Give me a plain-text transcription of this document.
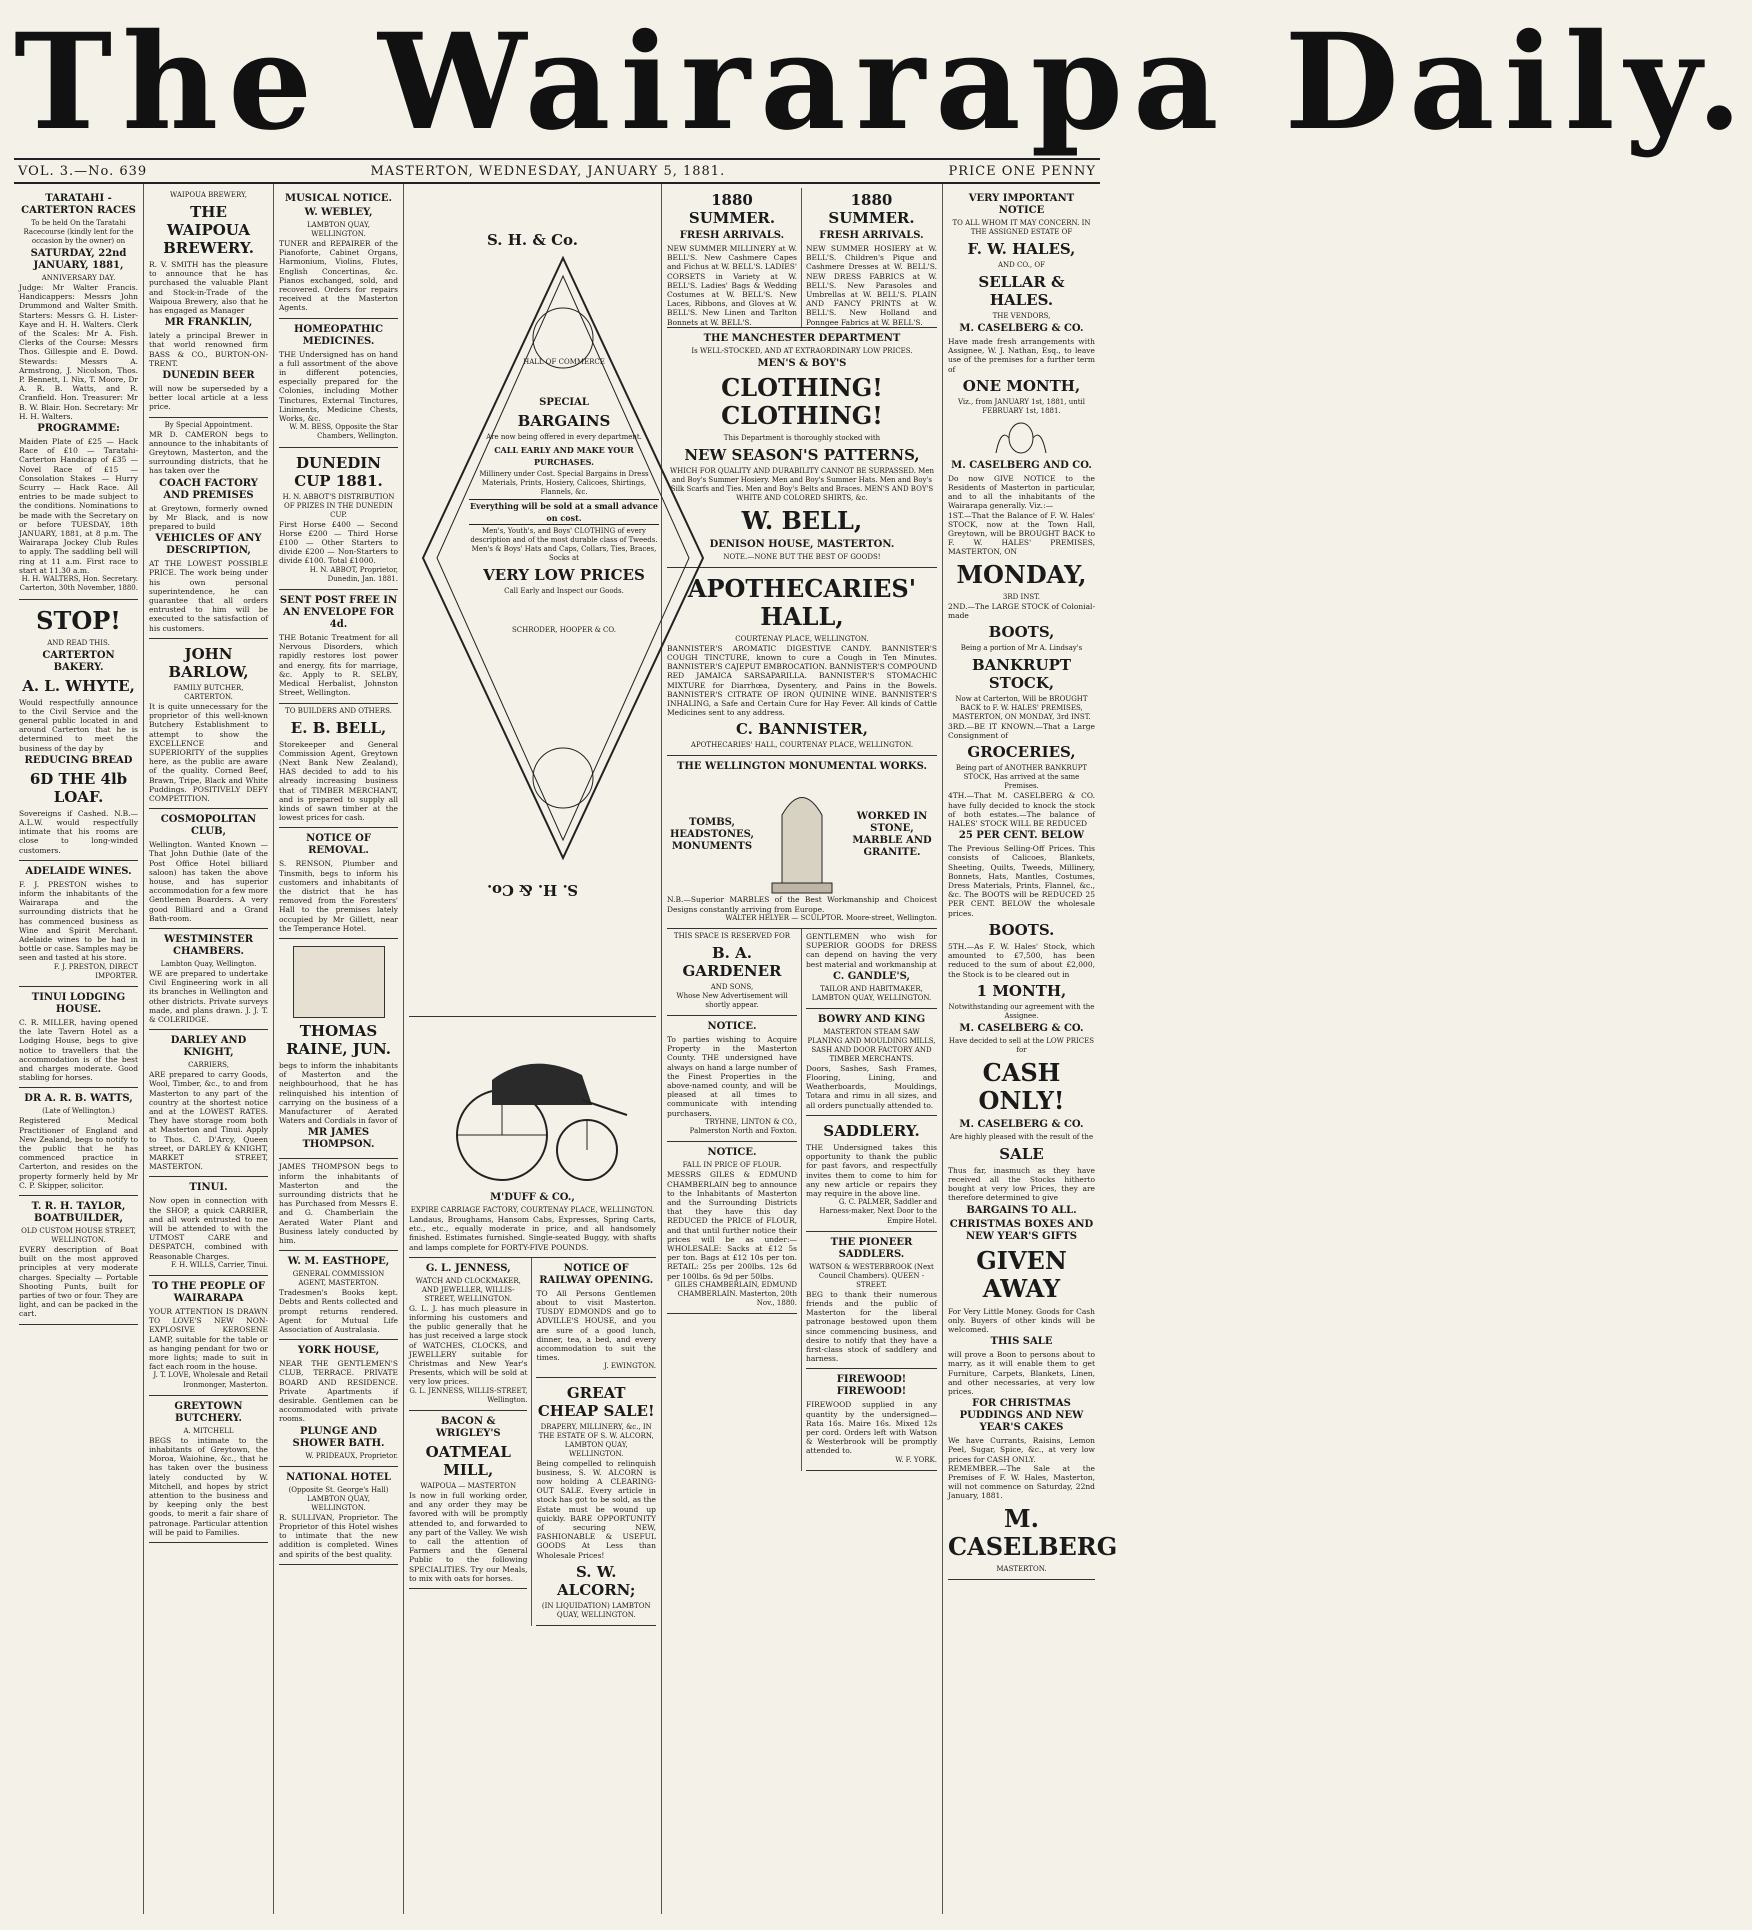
The Wairarapa Daily.
VOL. 3.—No. 639	MASTERTON, WEDNESDAY, JANUARY 5, 1881.	PRICE ONE PENNY
TARATAHI - CARTERTON RACES
To be held On the Taratahi Racecourse (kindly lent for the occasion by the owner) on
SATURDAY, 22nd JANUARY, 1881,
ANNIVERSARY DAY.
Judge: Mr Walter Francis. Handicappers: Messrs John Drummond and Walter Smith. Starters: Messrs G. H. Lister-Kaye and H. H. Walters. Clerk of the Scales: Mr A. Fish. Clerks of the Course: Messrs Thos. Gillespie and E. Dowd. Stewards: Messrs A. Armstrong, J. Nicolson, Thos. P. Bennett, I. Nix, T. Moore, Dr A. R. B. Watts, and R. Cranfield. Hon. Treasurer: Mr B. W. Blair. Hon. Secretary: Mr H. H. Walters.
PROGRAMME:
Maiden Plate of £25 — Hack Race of £10 — Taratahi-Carterton Handicap of £35 — Novel Race of £15 — Consolation Stakes — Hurry Scurry — Hack Race. All entries to be made subject to the conditions. Nominations to be made with the Secretary on or before TUESDAY, 18th JANUARY, 1881, at 8 p.m. The Wairarapa Jockey Club Rules to apply. The saddling bell will ring at 11 a.m. First race to start at 11.30 a.m.
H. H. WALTERS, Hon. Secretary. Carterton, 30th November, 1880.
STOP!
AND READ THIS.
CARTERTON BAKERY.
A. L. WHYTE,
Would respectfully announce to the Civil Service and the general public located in and around Carterton that he is determined to meet the business of the day by
REDUCING BREAD
6D THE 4lb LOAF.
Sovereigns if Cashed. N.B.—A.L.W. would respectfully intimate that his rooms are close to long-winded customers.
ADELAIDE WINES.
F. J. PRESTON wishes to inform the inhabitants of the Wairarapa and the surrounding districts that he has commenced business as Wine and Spirit Merchant. Adelaide wines to be had in bottle or case. Samples may be seen and tasted at his store.
F. J. PRESTON, DIRECT IMPORTER.
TINUI LODGING HOUSE.
C. R. MILLER, having opened the late Tavern Hotel as a Lodging House, begs to give notice to travellers that the accommodation is of the best and charges moderate. Good stabling for horses.
DR A. R. B. WATTS,
(Late of Wellington.)
Registered Medical Practitioner of England and New Zealand, begs to notify to the public that he has commenced practice in Carterton, and resides on the property formerly held by Mr C. P. Skipper, solicitor.
T. R. H. TAYLOR, BOATBUILDER,
OLD CUSTOM HOUSE STREET, WELLINGTON.
EVERY description of Boat built on the most approved principles at very moderate charges. Specialty — Portable Shooting Punts, built for parties of two or four. They are light, and can be packed in the cart.
WAIPOUA BREWERY,
THE WAIPOUA BREWERY.
R. V. SMITH has the pleasure to announce that he has purchased the valuable Plant and Stock-in-Trade of the Waipoua Brewery, also that he has engaged as Manager
MR FRANKLIN,
lately a principal Brewer in that world renowned firm BASS & CO., BURTON-ON-TRENT.
DUNEDIN BEER
will now be superseded by a better local article at a less price.
By Special Appointment.
MR D. CAMERON begs to announce to the inhabitants of Greytown, Masterton, and the surrounding districts, that he has taken over the
COACH FACTORY AND PREMISES
at Greytown, formerly owned by Mr Black, and is now prepared to build
VEHICLES OF ANY DESCRIPTION,
AT THE LOWEST POSSIBLE PRICE. The work being under his own personal superintendence, he can guarantee that all orders entrusted to him will be executed to the satisfaction of his customers.
JOHN BARLOW,
FAMILY BUTCHER, CARTERTON.
It is quite unnecessary for the proprietor of this well-known Butchery Establishment to attempt to show the EXCELLENCE and SUPERIORITY of the supplies here, as the public are aware of the quality. Corned Beef, Brawn, Tripe, Black and White Puddings. POSITIVELY DEFY COMPETITION.
COSMOPOLITAN CLUB,
Wellington. Wanted Known — That John Duthie (late of the Post Office Hotel billiard saloon) has taken the above house, and has superior accommodation for a few more Gentlemen Boarders. A very good Billiard and a Grand Bath-room.
WESTMINSTER CHAMBERS.
Lambton Quay, Wellington.
WE are prepared to undertake Civil Engineering work in all its branches in Wellington and other districts. Private surveys made, and plans drawn. J. J. T. & COLERIDGE.
DARLEY AND KNIGHT,
CARRIERS,
ARE prepared to carry Goods, Wool, Timber, &c., to and from Masterton to any part of the country at the shortest notice and at the LOWEST RATES. They have storage room both at Masterton and Tinui. Apply to Thos. C. D'Arcy, Queen street, or DARLEY & KNIGHT, MARKET STREET, MASTERTON.
TINUI.
Now open in connection with the SHOP, a quick CARRIER, and all work entrusted to me will be attended to with the UTMOST CARE and DESPATCH, combined with Reasonable Charges.
F. H. WILLS, Carrier, Tinui.
TO THE PEOPLE OF WAIRARAPA
YOUR ATTENTION IS DRAWN TO LOVE'S NEW NON-EXPLOSIVE KEROSENE LAMP, suitable for the table or as hanging pendant for two or more lights; made to suit in fact each room in the house.
J. T. LOVE, Wholesale and Retail Ironmonger, Masterton.
GREYTOWN BUTCHERY.
A. MITCHELL
BEGS to intimate to the inhabitants of Greytown, the Moroa, Waiohine, &c., that he has taken over the business lately conducted by W. Mitchell, and hopes by strict attention to the business and by keeping only the best goods, to merit a fair share of patronage. Particular attention will be paid to Families.
MUSICAL NOTICE.
W. WEBLEY,
LAMBTON QUAY, WELLINGTON.
TUNER and REPAIRER of the Pianoforte, Cabinet Organs, Harmonium, Violins, Flutes, English Concertinas, &c. Pianos exchanged, sold, and recovered. Orders for repairs received at the Masterton Agents.
HOMEOPATHIC MEDICINES.
THE Undersigned has on hand a full assortment of the above in different potencies, especially prepared for the Colonies, including Mother Tinctures, External Tinctures, Liniments, Medicine Chests, Works, &c.
W. M. BESS, Opposite the Star Chambers, Wellington.
DUNEDIN CUP 1881.
H. N. ABBOT'S DISTRIBUTION OF PRIZES IN THE DUNEDIN CUP.
First Horse £400 — Second Horse £200 — Third Horse £100 — Other Starters to divide £200 — Non-Starters to divide £100. Total £1000.
H. N. ABBOT, Proprietor, Dunedin, Jan. 1881.
SENT POST FREE IN AN ENVELOPE FOR 4d.
THE Botanic Treatment for all Nervous Disorders, which rapidly restores lost power and energy, fits for marriage, &c. Apply to R. SELBY, Medical Herbalist, Johnston Street, Wellington.
TO BUILDERS AND OTHERS.
E. B. BELL,
Storekeeper and General Commission Agent, Greytown (Next Bank New Zealand), HAS decided to add to his already increasing business that of TIMBER MERCHANT, and is prepared to supply all kinds of sawn timber at the lowest prices for cash.
NOTICE OF REMOVAL.
S. RENSON, Plumber and Tinsmith, begs to inform his customers and inhabitants of the district that he has removed from the Foresters' Hall to the premises lately occupied by Mr Gillett, near the Temperance Hotel.
THOMAS RAINE, JUN.
begs to inform the inhabitants of Masterton and the neighbourhood, that he has relinquished his intention of carrying on the business of a Manufacturer of Aerated Waters and Cordials in favor of
MR JAMES THOMPSON.
JAMES THOMPSON begs to inform the inhabitants of Masterton and the surrounding districts that he has Purchased from Messrs E. and G. Chamberlain the Aerated Water Plant and Business lately conducted by him.
W. M. EASTHOPE,
GENERAL COMMISSION AGENT, MASTERTON.
Tradesmen's Books kept. Debts and Rents collected and prompt returns rendered. Agent for Mutual Life Association of Australasia.
YORK HOUSE,
NEAR THE GENTLEMEN'S CLUB, TERRACE. PRIVATE BOARD AND RESIDENCE. Private Apartments if desirable. Gentlemen can be accommodated with private rooms.
PLUNGE AND SHOWER BATH.
W. PRIDEAUX, Proprietor.
NATIONAL HOTEL
(Opposite St. George's Hall) LAMBTON QUAY, WELLINGTON.
R. SULLIVAN, Proprietor. The Proprietor of this Hotel wishes to intimate that the new addition is completed. Wines and spirits of the best quality.
S. H. & Co.
HALL OF COMMERCE
SPECIAL
BARGAINS
Are now being offered in every department.
CALL EARLY AND MAKE YOUR PURCHASES.
Millinery under Cost. Special Bargains in Dress Materials, Prints, Hosiery, Calicoes, Shirtings, Flannels, &c.
Everything will be sold at a small advance on cost.
Men's, Youth's, and Boys' CLOTHING of every description and of the most durable class of Tweeds.
Men's & Boys' Hats and Caps, Collars, Ties, Braces, Socks at
VERY LOW PRICES
Call Early and Inspect our Goods.
SCHRODER, HOOPER & CO.
S. H. & Co.
M'DUFF & CO.,
EXPIRE CARRIAGE FACTORY, COURTENAY PLACE, WELLINGTON.
Landaus, Broughams, Hansom Cabs, Expresses, Spring Carts, etc., etc., equally moderate in price, and all handsomely finished. Estimates furnished. Single-seated Buggy, with shafts and lamps complete for FORTY-FIVE POUNDS.
G. L. JENNESS,
WATCH AND CLOCKMAKER, AND JEWELLER, WILLIS-STREET, WELLINGTON.
G. L. J. has much pleasure in informing his customers and the public generally that he has just received a large stock of WATCHES, CLOCKS, and JEWELLERY suitable for Christmas and New Year's Presents, which will be sold at very low prices.
G. L. JENNESS, WILLIS-STREET, Wellington.
BACON & WRIGLEY'S
OATMEAL MILL,
WAIPOUA — MASTERTON
Is now in full working order, and any order they may be favored with will be promptly attended to, and forwarded to any part of the Valley. We wish to call the attention of Farmers and the General Public to the following SPECIALITIES. Try our Meals, to mix with oats for horses.
NOTICE OF RAILWAY OPENING.
TO All Persons Gentlemen about to visit Masterton. TUSDY EDMONDS and go to ADVILLE'S HOUSE, and you are sure of a good lunch, dinner, tea, a bed, and every accommodation to suit the times.
J. EWINGTON.
GREAT CHEAP SALE!
DRAPERY, MILLINERY, &c., IN THE ESTATE OF S. W. ALCORN, LAMBTON QUAY, WELLINGTON.
Being compelled to relinquish business, S. W. ALCORN is now holding A CLEARING-OUT SALE. Every article in stock has got to be sold, as the Estate must be wound up quickly. BARE OPPORTUNITY of securing NEW, FASHIONABLE & USEFUL GOODS At Less than Wholesale Prices!
S. W. ALCORN;
(IN LIQUIDATION) LAMBTON QUAY, WELLINGTON.
1880 SUMMER.
FRESH ARRIVALS.
NEW SUMMER MILLINERY at W. BELL'S. New Cashmere Capes and Fichus at W. BELL'S. LADIES' CORSETS in Variety at W. BELL'S. Ladies' Bags & Wedding Costumes at W. BELL'S. New Laces, Ribbons, and Gloves at W. BELL'S. New Linen and Tarlton Bonnets at W. BELL'S.
1880 SUMMER.
FRESH ARRIVALS.
NEW SUMMER HOSIERY at W. BELL'S. Children's Pique and Cashmere Dresses at W. BELL'S. NEW DRESS FABRICS at W. BELL'S. New Parasoles and Umbrellas at W. BELL'S. PLAIN AND FANCY PRINTS at W. BELL'S. New Holland and Ponngee Fabrics at W. BELL'S.
THE MANCHESTER DEPARTMENT
Is WELL-STOCKED, AND AT EXTRAORDINARY LOW PRICES.
MEN'S & BOY'S
CLOTHING! CLOTHING!
This Department is thoroughly stocked with
NEW SEASON'S PATTERNS,
WHICH FOR QUALITY AND DURABILITY CANNOT BE SURPASSED. Men and Boy's Summer Hosiery. Men and Boy's Summer Hats. Men and Boy's Silk Scarfs and Ties. Men and Boy's Belts and Braces. MEN'S AND BOY'S WHITE AND COLORED SHIRTS, &c.
W. BELL,
DENISON HOUSE, MASTERTON.
NOTE.—NONE BUT THE BEST OF GOODS!
APOTHECARIES' HALL,
COURTENAY PLACE, WELLINGTON.
BANNISTER'S AROMATIC DIGESTIVE CANDY. BANNISTER'S COUGH TINCTURE, known to cure a Cough in Ten Minutes. BANNISTER'S CAJEPUT EMBROCATION. BANNISTER'S COMPOUND RED JAMAICA SARSAPARILLA. BANNISTER'S STOMACHIC MIXTURE for Diarrhœa, Dysentery, and Pains in the Bowels. BANNISTER'S CITRATE OF IRON QUININE WINE. BANNISTER'S INHALING, a Safe and Certain Cure for Hay Fever. All kinds of Cattle Medicines sent to any address.
C. BANNISTER,
APOTHECARIES' HALL, COURTENAY PLACE, WELLINGTON.
THE WELLINGTON MONUMENTAL WORKS.
TOMBS, HEADSTONES, MONUMENTS
WORKED IN STONE, MARBLE AND GRANITE.
N.B.—Superior MARBLES of the Best Workmanship and Choicest Designs constantly arriving from Europe.
WALTER HELYER — SCULPTOR. Moore-street, Wellington.
THIS SPACE IS RESERVED FOR
B. A. GARDENER
AND SONS,
Whose New Advertisement will shortly appear.
NOTICE.
To parties wishing to Acquire Property in the Masterton County. THE undersigned have always on hand a large number of the Finest Properties in the above-named county, and will be pleased at all times to communicate with intending purchasers.
TRYHNE, LINTON & CO., Palmerston North and Foxton.
NOTICE.
FALL IN PRICE OF FLOUR.
MESSRS GILES & EDMUND CHAMBERLAIN beg to announce to the Inhabitants of Masterton and the Surrounding Districts that they have this day REDUCED the PRICE of FLOUR, and that until further notice their prices will be as under:— WHOLESALE: Sacks at £12 5s per ton. Bags at £12 10s per ton. RETAIL: 25s per 200lbs. 12s 6d per 100lbs. 6s 9d per 50lbs.
GILES CHAMBERLAIN, EDMUND CHAMBERLAIN. Masterton, 20th Nov., 1880.
GENTLEMEN who wish for SUPERIOR GOODS for DRESS can depend on having the very best material and workmanship at
C. GANDLE'S,
TAILOR AND HABITMAKER, LAMBTON QUAY, WELLINGTON.
BOWRY AND KING
MASTERTON STEAM SAW PLANING AND MOULDING MILLS, SASH AND DOOR FACTORY AND TIMBER MERCHANTS.
Doors, Sashes, Sash Frames, Flooring, Lining, and Weatherboards, Mouldings, Totara and rimu in all sizes, and all orders punctually attended to.
SADDLERY.
THE Undersigned takes this opportunity to thank the public for past favors, and respectfully invites them to come to him for any new article or repairs they may require in the above line.
G. C. PALMER, Saddler and Harness-maker, Next Door to the Empire Hotel.
THE PIONEER SADDLERS.
WATSON & WESTERBROOK (Next Council Chambers). QUEEN - STREET.
BEG to thank their numerous friends and the public of Masterton for the liberal patronage bestowed upon them since commencing business, and desire to notify that they have a first-class stock of saddlery and harness.
FIREWOOD! FIREWOOD!
FIREWOOD supplied in any quantity by the undersigned— Rata 16s. Maire 16s. Mixed 12s per cord. Orders left with Watson & Westerbrook will be promptly attended to.
W. F. YORK.
VERY IMPORTANT NOTICE
TO ALL WHOM IT MAY CONCERN. IN THE ASSIGNED ESTATE OF
F. W. HALES,
AND CO., OF
SELLAR & HALES.
THE VENDORS,
M. CASELBERG & CO.
Have made fresh arrangements with Assignee, W. J. Nathan, Esq., to leave use of the premises for a further term of
ONE MONTH,
Viz., from JANUARY 1st, 1881, until FEBRUARY 1st, 1881.
M. CASELBERG AND CO.
Do now GIVE NOTICE to the Residents of Masterton in particular, and to all the inhabitants of the Wairarapa generally. Viz.:—
1ST.—That the Balance of F. W. Hales' STOCK, now at the Town Hall, Greytown, will be BROUGHT BACK to F. W. HALES' PREMISES, MASTERTON, ON
MONDAY,
3RD INST.
2ND.—The LARGE STOCK of Colonial-made
BOOTS,
Being a portion of Mr A. Lindsay's
BANKRUPT STOCK,
Now at Carterton, Will be BROUGHT BACK to F. W. HALES' PREMISES, MASTERTON, ON MONDAY, 3rd INST.
3RD.—BE IT KNOWN.—That a Large Consignment of
GROCERIES,
Being part of ANOTHER BANKRUPT STOCK, Has arrived at the same Premises.
4TH.—That M. CASELBERG & CO. have fully decided to knock the stock of both estates.—The balance of HALES' STOCK WILL BE REDUCED
25 PER CENT. BELOW
The Previous Selling-Off Prices. This consists of Calicoes, Blankets, Sheeting, Quilts, Tweeds, Millinery, Bonnets, Hats, Mantles, Costumes, Dress Materials, Prints, Flannel, &c., &c. The BOOTS will be REDUCED 25 PER CENT. BELOW the wholesale prices.
BOOTS.
5TH.—As F. W. Hales' Stock, which amounted to £7,500, has been reduced to the sum of about £2,000, the Stock is to be cleared out in
1 MONTH,
Notwithstanding our agreement with the Assignee.
M. CASELBERG & CO.
Have decided to sell at the LOW PRICES for
CASH ONLY!
M. CASELBERG & CO.
Are highly pleased with the result of the
SALE
Thus far, inasmuch as they have received all the Stocks hitherto bought at very low Prices, they are therefore determined to give
BARGAINS TO ALL.
CHRISTMAS BOXES AND NEW YEAR'S GIFTS
GIVEN AWAY
For Very Little Money. Goods for Cash only. Buyers of other kinds will be welcomed.
THIS SALE
will prove a Boon to persons about to marry, as it will enable them to get Furniture, Carpets, Blankets, Linen, and other necessaries, at very low prices.
FOR CHRISTMAS PUDDINGS AND NEW YEAR'S CAKES
We have Currants, Raisins, Lemon Peel, Sugar, Spice, &c., at very low prices for CASH ONLY.
REMEMBER.—The Sale at the Premises of F. W. Hales, Masterton, will not commence on Saturday, 22nd January, 1881.
M. CASELBERG
MASTERTON.
